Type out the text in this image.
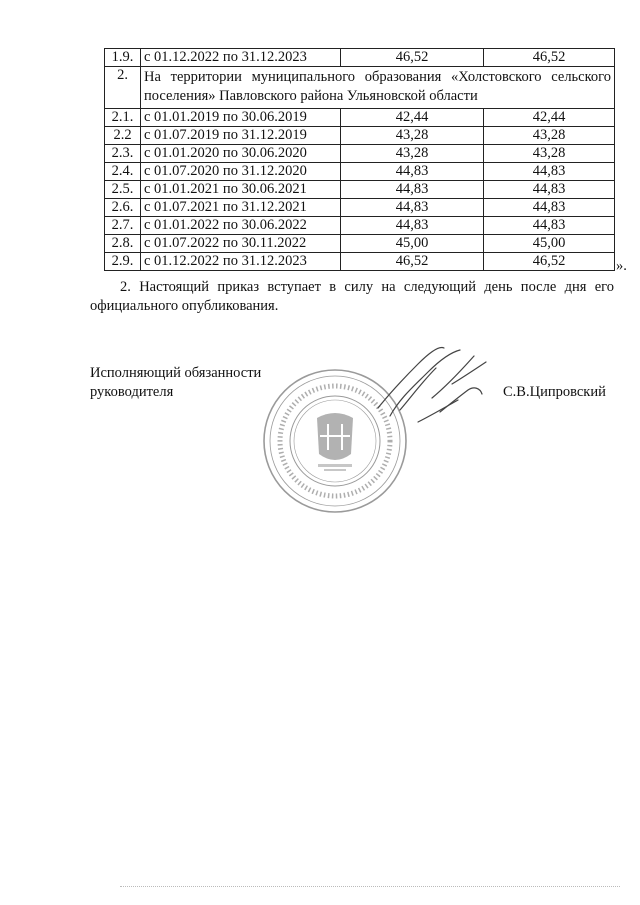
1.9.	с 01.12.2022 по 31.12.2023	46,52	46,52
2.	На территории муниципального образования «Холстовского сельского поселения» Павловского района Ульяновской области		
2.1.	с 01.01.2019 по 30.06.2019	42,44	42,44
2.2	с 01.07.2019 по 31.12.2019	43,28	43,28
2.3.	с 01.01.2020 по 30.06.2020	43,28	43,28
2.4.	с 01.07.2020 по 31.12.2020	44,83	44,83
2.5.	с 01.01.2021 по 30.06.2021	44,83	44,83
2.6.	с 01.07.2021 по 31.12.2021	44,83	44,83
2.7.	с 01.01.2022 по 30.06.2022	44,83	44,83
2.8.	с 01.07.2022 по 30.11.2022	45,00	45,00
2.9.	с 01.12.2022 по 31.12.2023	46,52	46,52	».

2. Настоящий приказ вступает в силу на следующий день после дня его официального опубликования.

Исполняющий обязанности
руководителя	С.В.Ципровский
